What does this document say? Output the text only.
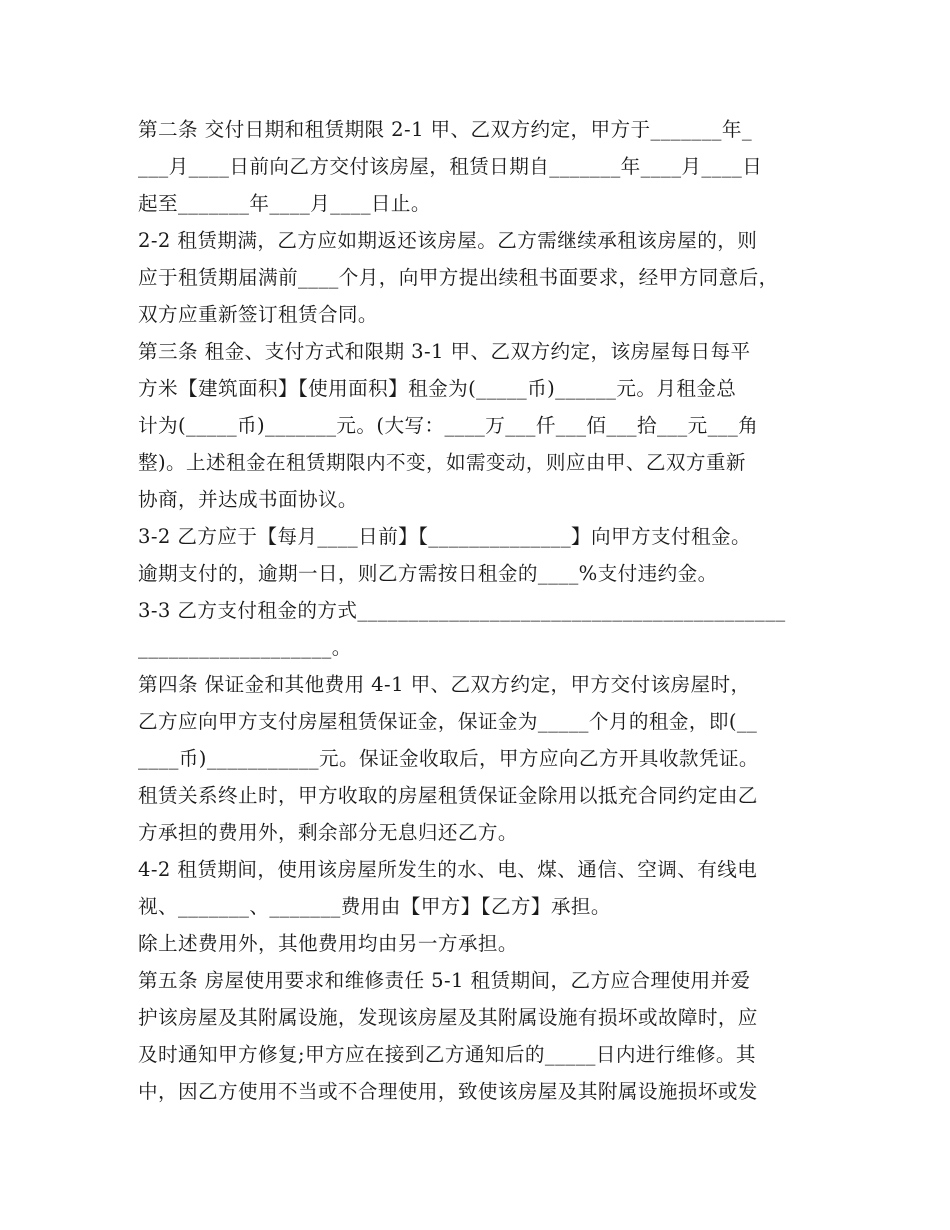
第二条 交付日期和租赁期限 2-1 甲、乙双方约定，甲方于_______年_
___月____日前向乙方交付该房屋，租赁日期自_______年____月____日
起至_______年____月____日止。
2-2 租赁期满，乙方应如期返还该房屋。乙方需继续承租该房屋的，则
应于租赁期届满前____个月，向甲方提出续租书面要求，经甲方同意后，
双方应重新签订租赁合同。
第三条 租金、支付方式和限期 3-1 甲、乙双方约定，该房屋每日每平
方米【建筑面积】【使用面积】租金为(_____币)______元。月租金总
计为(_____币)_______元。(大写：____万___仟___佰___拾___元___角
整)。上述租金在租赁期限内不变，如需变动，则应由甲、乙双方重新
协商，并达成书面协议。
3-2 乙方应于【每月____日前】【______________】向甲方支付租金。
逾期支付的，逾期一日，则乙方需按日租金的____%支付违约金。
3-3 乙方支付租金的方式__________________________________________
___________________。
第四条 保证金和其他费用 4-1 甲、乙双方约定，甲方交付该房屋时，
乙方应向甲方支付房屋租赁保证金，保证金为_____个月的租金，即(__
____币)___________元。保证金收取后，甲方应向乙方开具收款凭证。
租赁关系终止时，甲方收取的房屋租赁保证金除用以抵充合同约定由乙
方承担的费用外，剩余部分无息归还乙方。
4-2 租赁期间，使用该房屋所发生的水、电、煤、通信、空调、有线电
视、_______、_______费用由【甲方】【乙方】承担。
除上述费用外，其他费用均由另一方承担。
第五条 房屋使用要求和维修责任 5-1 租赁期间，乙方应合理使用并爱
护该房屋及其附属设施，发现该房屋及其附属设施有损坏或故障时，应
及时通知甲方修复;甲方应在接到乙方通知后的_____日内进行维修。其
中，因乙方使用不当或不合理使用，致使该房屋及其附属设施损坏或发
